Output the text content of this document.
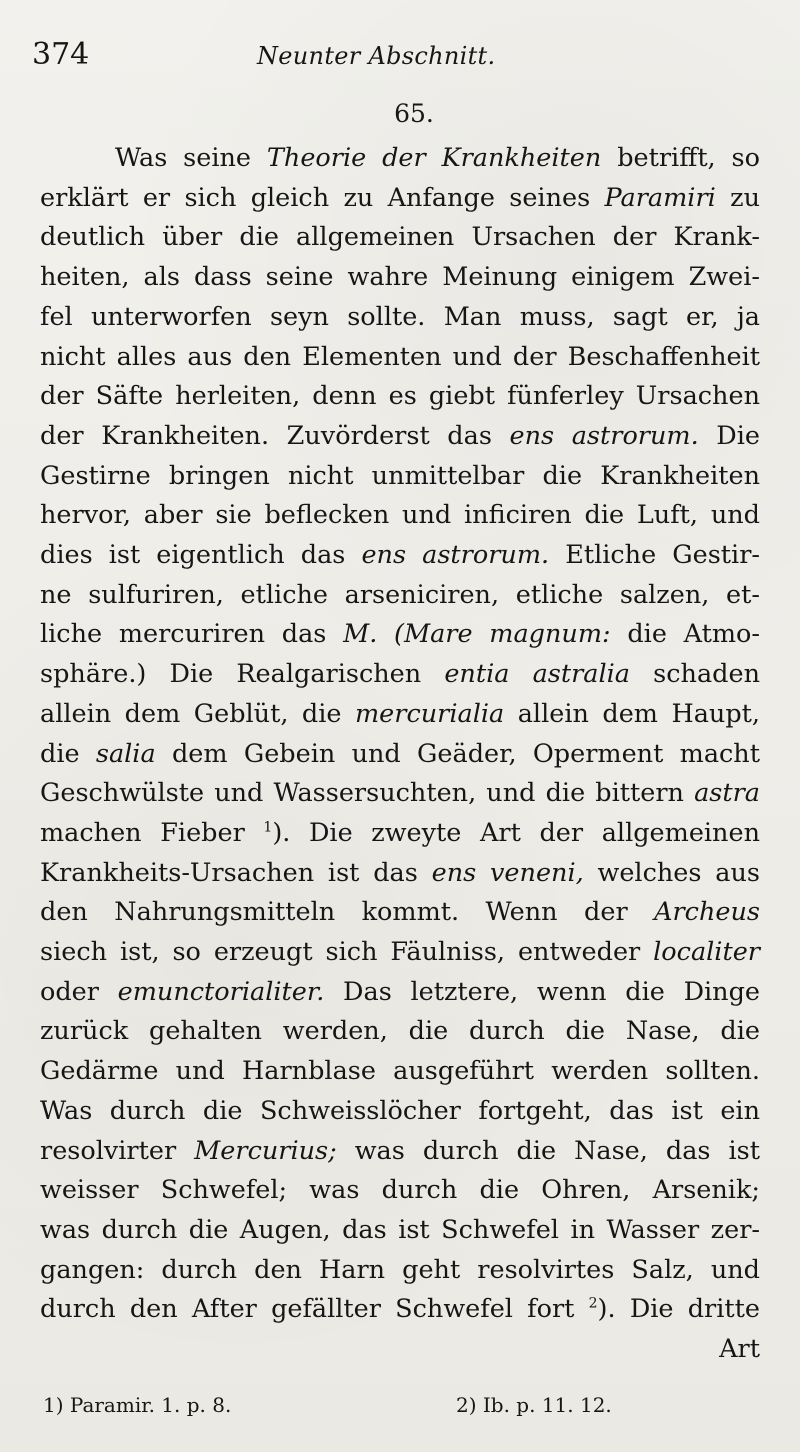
374	Neunter Abschnitt.
65.
Was seine Theorie der Krankheiten betrifft, so
erklärt er sich gleich zu Anfange seines Paramiri zu
deutlich über die allgemeinen Ursachen der Krank-
heiten, als dass seine wahre Meinung einigem Zwei-
fel unterworfen seyn sollte. Man muss, sagt er, ja
nicht alles aus den Elementen und der Beschaffenheit
der Säfte herleiten, denn es giebt fünferley Ursachen
der Krankheiten. Zuvörderst das ens astrorum. Die
Gestirne bringen nicht unmittelbar die Krankheiten
hervor, aber sie beflecken und inficiren die Luft, und
dies ist eigentlich das ens astrorum. Etliche Gestir-
ne sulfuriren, etliche arseniciren, etliche salzen, et-
liche mercuriren das M. (Mare magnum: die Atmo-
sphäre.) Die Realgarischen entia astralia schaden
allein dem Geblüt, die mercurialia allein dem Haupt,
die salia dem Gebein und Geäder, Operment macht
Geschwülste und Wassersuchten, und die bittern astra
machen Fieber $^1$). Die zweyte Art der allgemeinen
Krankheits-Ursachen ist das ens veneni, welches aus
den Nahrungsmitteln kommt. Wenn der Archeus
siech ist, so erzeugt sich Fäulniss, entweder localiter
oder emunctorialiter. Das letztere, wenn die Dinge
zurück gehalten werden, die durch die Nase, die
Gedärme und Harnblase ausgeführt werden sollten.
Was durch die Schweisslöcher fortgeht, das ist ein
resolvirter Mercurius; was durch die Nase, das ist
weisser Schwefel; was durch die Ohren, Arsenik;
was durch die Augen, das ist Schwefel in Wasser zer-
gangen: durch den Harn geht resolvirtes Salz, und
durch den After gefällter Schwefel fort $^2$). Die dritte
Art
1) Paramir. 1. p. 8.	2) Ib. p. 11. 12.
